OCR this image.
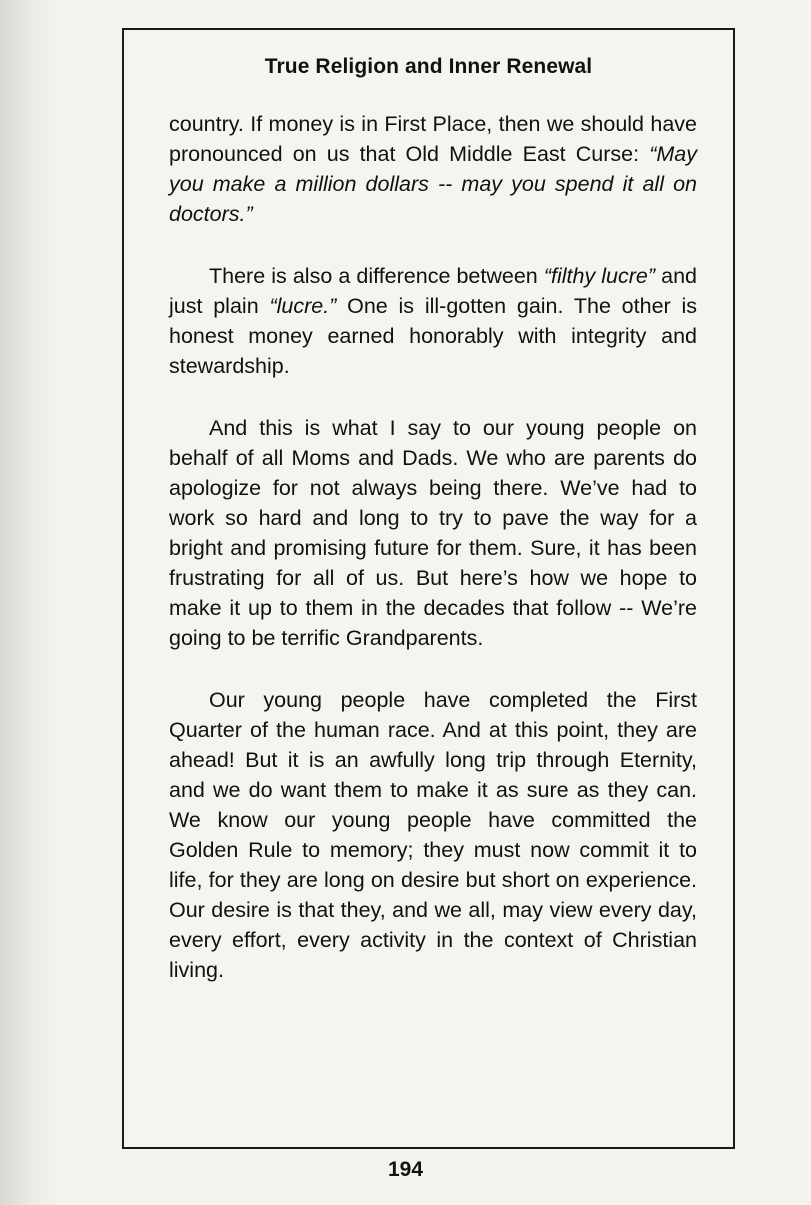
True Religion and Inner Renewal

country. If money is in First Place, then we should have pronounced on us that Old Middle East Curse: “May you make a million dollars -- may you spend it all on doctors.”

There is also a difference between “filthy lucre” and just plain “lucre.” One is ill-gotten gain. The other is honest money earned honorably with integrity and stewardship.

And this is what I say to our young people on behalf of all Moms and Dads. We who are parents do apologize for not always being there. We’ve had to work so hard and long to try to pave the way for a bright and promising future for them. Sure, it has been frustrating for all of us. But here’s how we hope to make it up to them in the decades that follow -- We’re going to be terrific Grandparents.

Our young people have completed the First Quarter of the human race. And at this point, they are ahead! But it is an awfully long trip through Eternity, and we do want them to make it as sure as they can. We know our young people have committed the Golden Rule to memory; they must now commit it to life, for they are long on desire but short on experience. Our desire is that they, and we all, may view every day, every effort, every activity in the context of Christian living.

194
